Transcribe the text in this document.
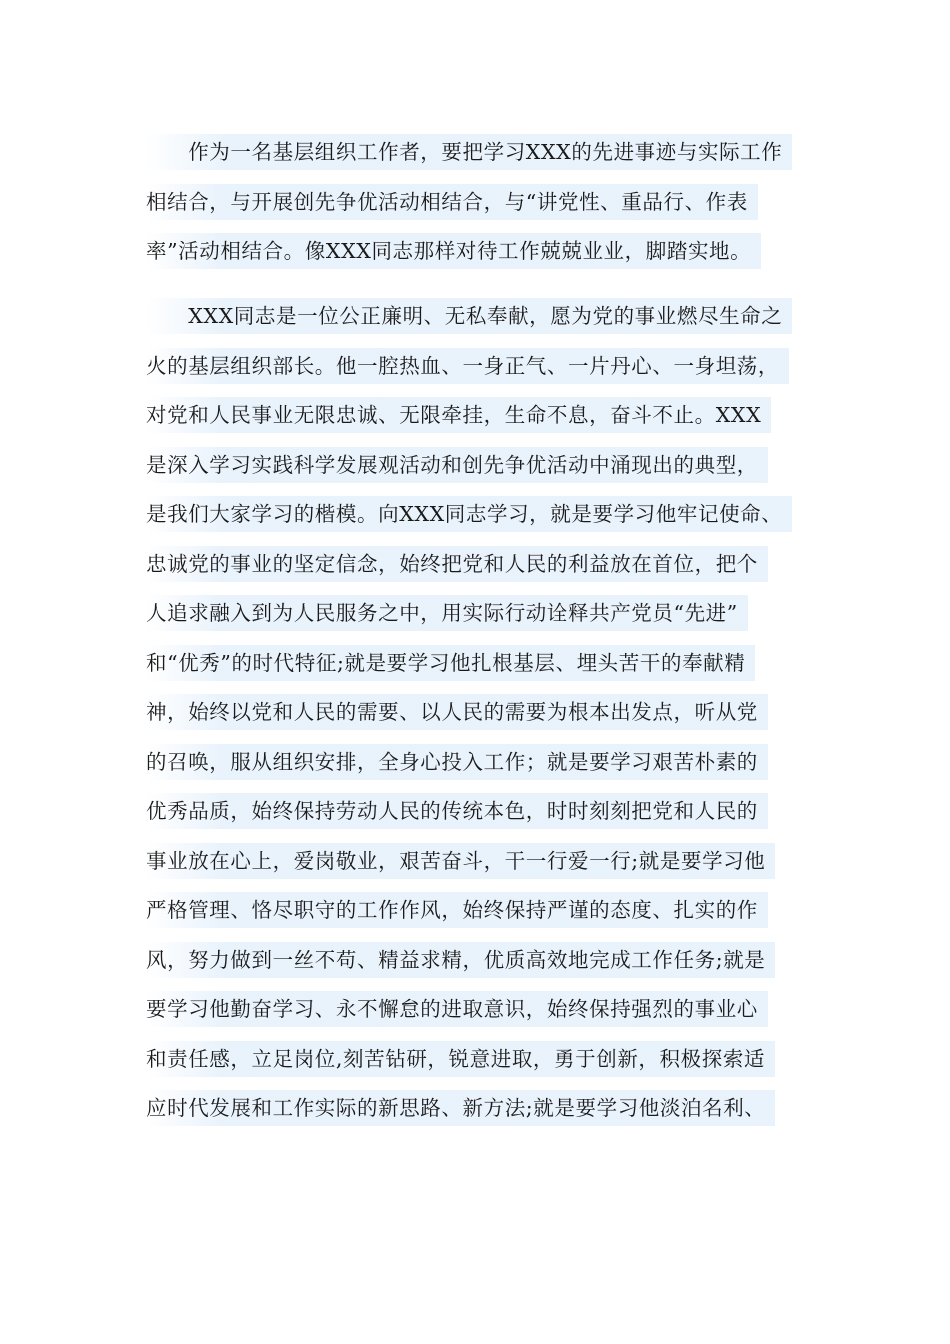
　　作为一名基层组织工作者，要把学习XXX的先进事迹与实际工作
相结合，与开展创先争优活动相结合，与“讲党性、重品行、作表
率”活动相结合。像XXX同志那样对待工作兢兢业业，脚踏实地。
　　XXX同志是一位公正廉明、无私奉献，愿为党的事业燃尽生命之
火的基层组织部长。他一腔热血、一身正气、一片丹心、一身坦荡，
对党和人民事业无限忠诚、无限牵挂，生命不息，奋斗不止。XXX
是深入学习实践科学发展观活动和创先争优活动中涌现出的典型，
是我们大家学习的楷模。向XXX同志学习，就是要学习他牢记使命、
忠诚党的事业的坚定信念，始终把党和人民的利益放在首位，把个
人追求融入到为人民服务之中，用实际行动诠释共产党员“先进”
和“优秀”的时代特征;就是要学习他扎根基层、埋头苦干的奉献精
神，始终以党和人民的需要、以人民的需要为根本出发点，听从党
的召唤，服从组织安排，全身心投入工作；就是要学习艰苦朴素的
优秀品质，始终保持劳动人民的传统本色，时时刻刻把党和人民的
事业放在心上，爱岗敬业，艰苦奋斗，干一行爱一行;就是要学习他
严格管理、恪尽职守的工作作风，始终保持严谨的态度、扎实的作
风，努力做到一丝不苟、精益求精，优质高效地完成工作任务;就是
要学习他勤奋学习、永不懈怠的进取意识，始终保持强烈的事业心
和责任感，立足岗位,刻苦钻研，锐意进取，勇于创新，积极探索适
应时代发展和工作实际的新思路、新方法;就是要学习他淡泊名利、
